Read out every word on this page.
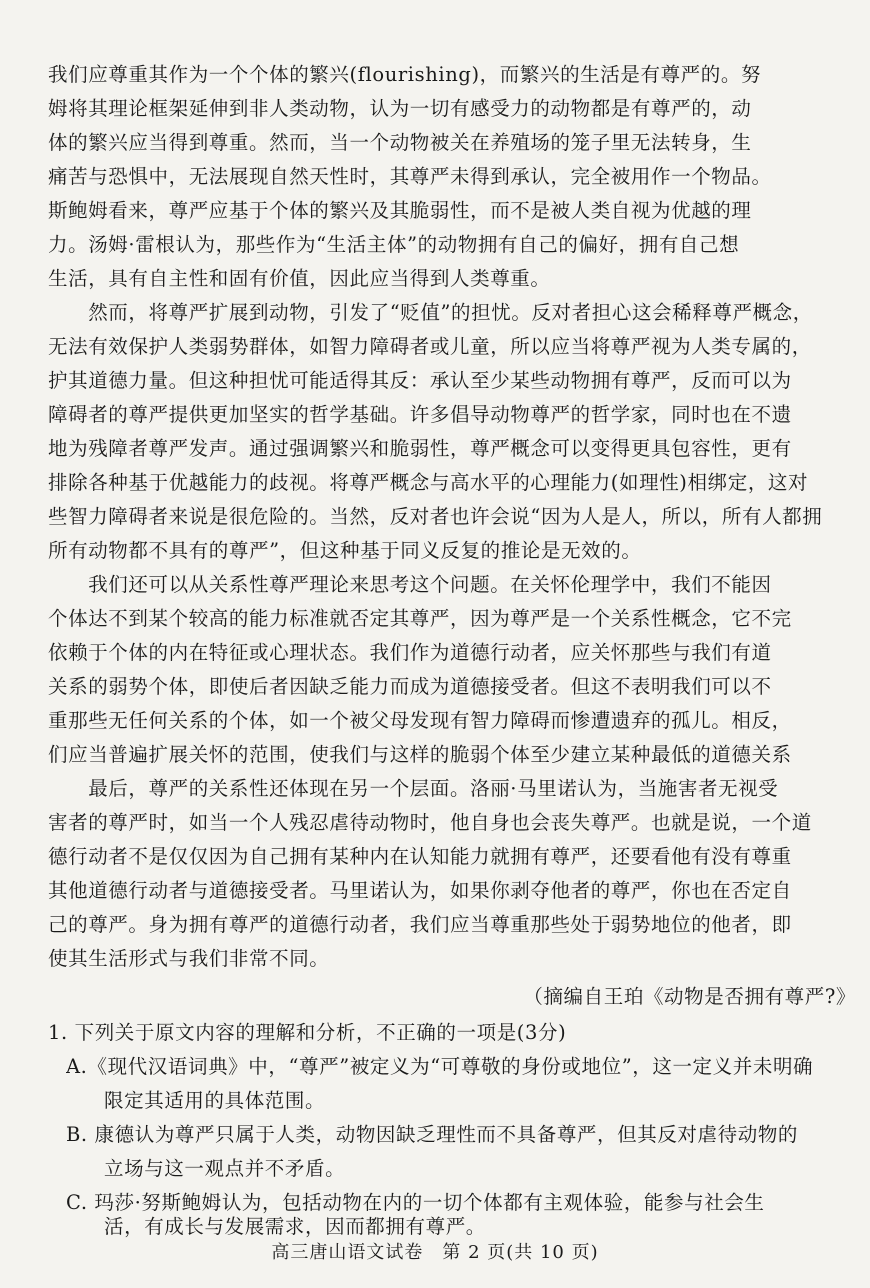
我们应尊重其作为一个个体的繁兴(flourishing)，而繁兴的生活是有尊严的。努
姆将其理论框架延伸到非人类动物，认为一切有感受力的动物都是有尊严的，动
体的繁兴应当得到尊重。然而，当一个动物被关在养殖场的笼子里无法转身，生
痛苦与恐惧中，无法展现自然天性时，其尊严未得到承认，完全被用作一个物品。
斯鲍姆看来，尊严应基于个体的繁兴及其脆弱性，而不是被人类自视为优越的理
力。汤姆·雷根认为，那些作为“生活主体”的动物拥有自己的偏好，拥有自己想
生活，具有自主性和固有价值，因此应当得到人类尊重。
　　然而，将尊严扩展到动物，引发了“贬值”的担忧。反对者担心这会稀释尊严概念，
无法有效保护人类弱势群体，如智力障碍者或儿童，所以应当将尊严视为人类专属的，
护其道德力量。但这种担忧可能适得其反：承认至少某些动物拥有尊严，反而可以为
障碍者的尊严提供更加坚实的哲学基础。许多倡导动物尊严的哲学家，同时也在不遗
地为残障者尊严发声。通过强调繁兴和脆弱性，尊严概念可以变得更具包容性，更有
排除各种基于优越能力的歧视。将尊严概念与高水平的心理能力(如理性)相绑定，这对
些智力障碍者来说是很危险的。当然，反对者也许会说“因为人是人，所以，所有人都拥
所有动物都不具有的尊严”，但这种基于同义反复的推论是无效的。
　　我们还可以从关系性尊严理论来思考这个问题。在关怀伦理学中，我们不能因
个体达不到某个较高的能力标准就否定其尊严，因为尊严是一个关系性概念，它不完
依赖于个体的内在特征或心理状态。我们作为道德行动者，应关怀那些与我们有道
关系的弱势个体，即使后者因缺乏能力而成为道德接受者。但这不表明我们可以不
重那些无任何关系的个体，如一个被父母发现有智力障碍而惨遭遗弃的孤儿。相反，
们应当普遍扩展关怀的范围，使我们与这样的脆弱个体至少建立某种最低的道德关系
　　最后，尊严的关系性还体现在另一个层面。洛丽·马里诺认为，当施害者无视受
害者的尊严时，如当一个人残忍虐待动物时，他自身也会丧失尊严。也就是说，一个道
德行动者不是仅仅因为自己拥有某种内在认知能力就拥有尊严，还要看他有没有尊重
其他道德行动者与道德接受者。马里诺认为，如果你剥夺他者的尊严，你也在否定自
己的尊严。身为拥有尊严的道德行动者，我们应当尊重那些处于弱势地位的他者，即
使其生活形式与我们非常不同。
（摘编自王珀《动物是否拥有尊严?》
1. 下列关于原文内容的理解和分析，不正确的一项是(3分)
A.《现代汉语词典》中，“尊严”被定义为“可尊敬的身份或地位”，这一定义并未明确
限定其适用的具体范围。
B. 康德认为尊严只属于人类，动物因缺乏理性而不具备尊严，但其反对虐待动物的
立场与这一观点并不矛盾。
C. 玛莎·努斯鲍姆认为，包括动物在内的一切个体都有主观体验，能参与社会生
活，有成长与发展需求，因而都拥有尊严。
高三唐山语文试卷　第 2 页(共 10 页)
